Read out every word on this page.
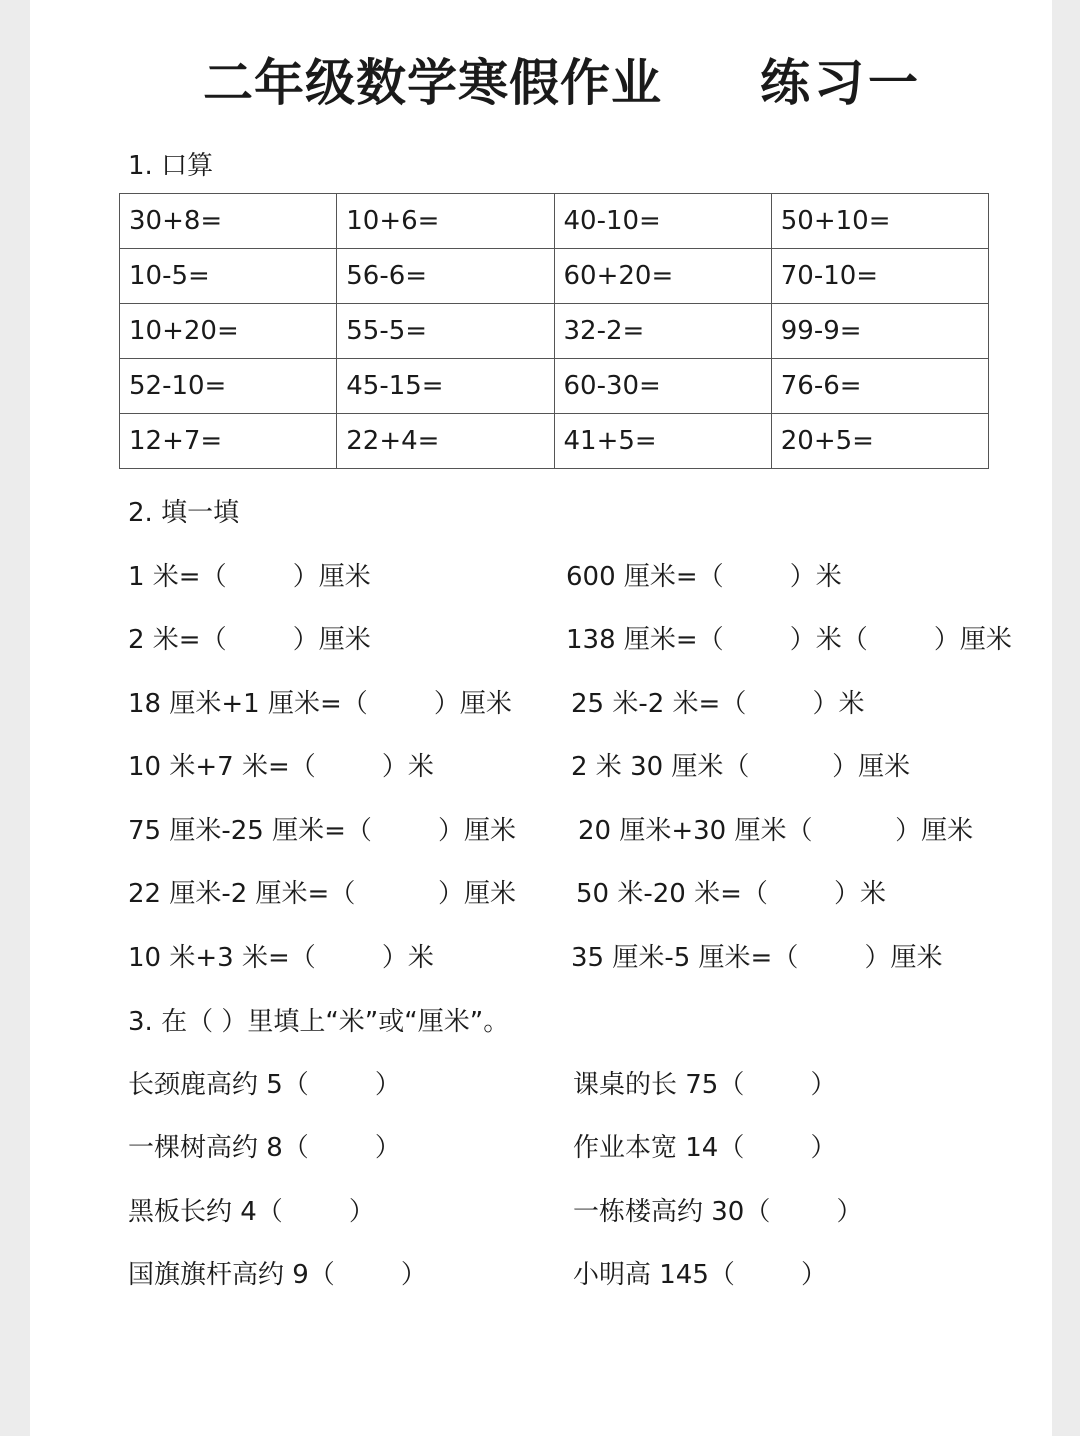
二年级数学寒假作业 练习一
1. 口算
30+8=	10+6=	40-10=	50+10=
10-5=	56-6=	60+20=	70-10=
10+20=	55-5=	32-2=	99-9=
52-10=	45-15=	60-30=	76-6=
12+7=	22+4=	41+5=	20+5=
2. 填一填
1 米=（        ）厘米	600 厘米=（        ）米
2 米=（        ）厘米	138 厘米=（        ）米（        ）厘米
18 厘米+1 厘米=（        ）厘米 25 米-2 米=（        ）米
10 米+7 米=（        ）米	2 米 30 厘米（          ）厘米
75 厘米-25 厘米=（        ）厘米 20 厘米+30 厘米（          ）厘米
22 厘米-2 厘米=（          ）厘米 50 米-20 米=（        ）米
10 米+3 米=（        ）米	35 厘米-5 厘米=（        ）厘米
3. 在（ ）里填上“米”或“厘米”。
长颈鹿高约 5（        ）	课桌的长 75（        ）
一棵树高约 8（        ）	作业本宽 14（        ）
黑板长约 4（        ）	一栋楼高约 30（        ）
国旗旗杆高约 9（        ）	小明高 145（        ）
